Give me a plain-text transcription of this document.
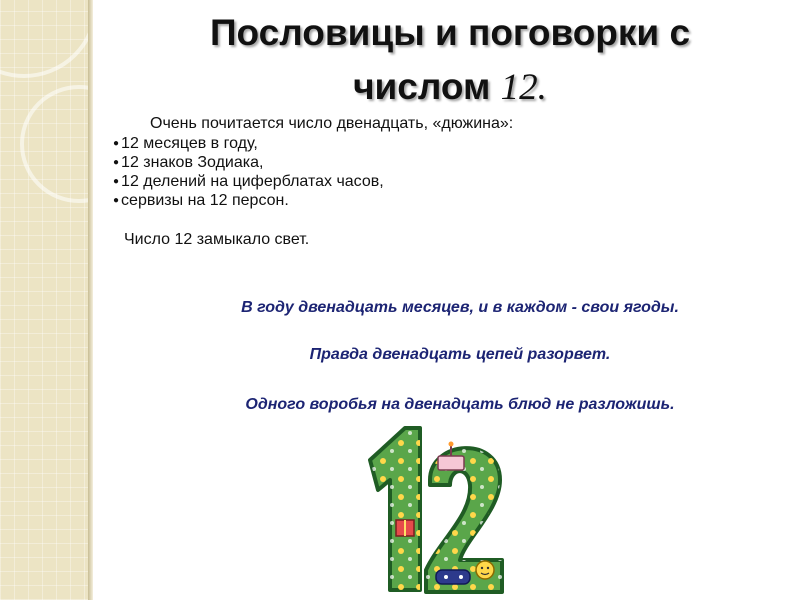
Пословицы и поговорки с
числом 12.

Очень почитается число двенадцать, «дюжина»:

● 12 месяцев в году,
● 12 знаков Зодиака,
● 12 делений на циферблатах часов,
● сервизы на 12 персон.

Число 12 замыкало свет.

В году двенадцать месяцев, и в каждом - свои ягоды.

Правда двенадцать цепей разорвет.

Одного воробья на двенадцать блюд не разложишь.
